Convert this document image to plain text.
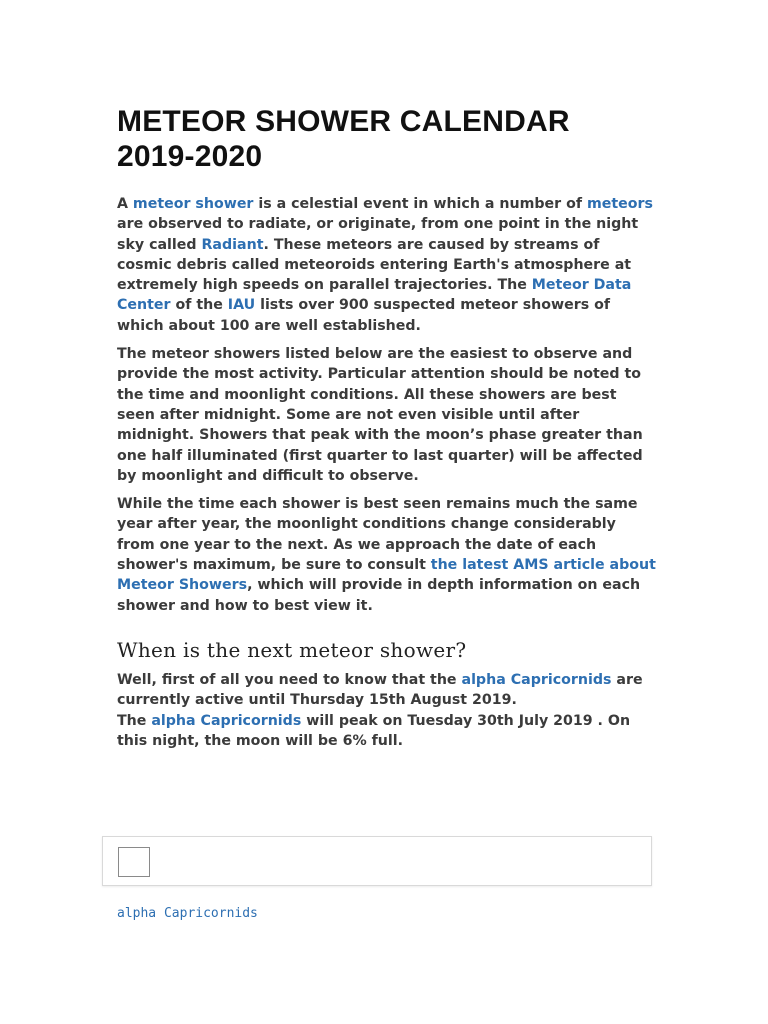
METEOR SHOWER CALENDAR
2019-2020

A meteor shower is a celestial event in which a number of meteors are observed to radiate, or originate, from one point in the night sky called Radiant. These meteors are caused by streams of cosmic debris called meteoroids entering Earth's atmosphere at extremely high speeds on parallel trajectories. The Meteor Data Center of the IAU lists over 900 suspected meteor showers of which about 100 are well established.

The meteor showers listed below are the easiest to observe and provide the most activity. Particular attention should be noted to the time and moonlight conditions. All these showers are best seen after midnight. Some are not even visible until after midnight. Showers that peak with the moon’s phase greater than one half illuminated (first quarter to last quarter) will be affected by moonlight and difficult to observe.

While the time each shower is best seen remains much the same year after year, the moonlight conditions change considerably from one year to the next. As we approach the date of each shower's maximum, be sure to consult the latest AMS article about Meteor Showers, which will provide in depth information on each shower and how to best view it.

When is the next meteor shower?

Well, first of all you need to know that the alpha Capricornids are currently active until Thursday 15th August 2019.
The alpha Capricornids will peak on Tuesday 30th July 2019 . On this night, the moon will be 6% full.

alpha Capricornids
